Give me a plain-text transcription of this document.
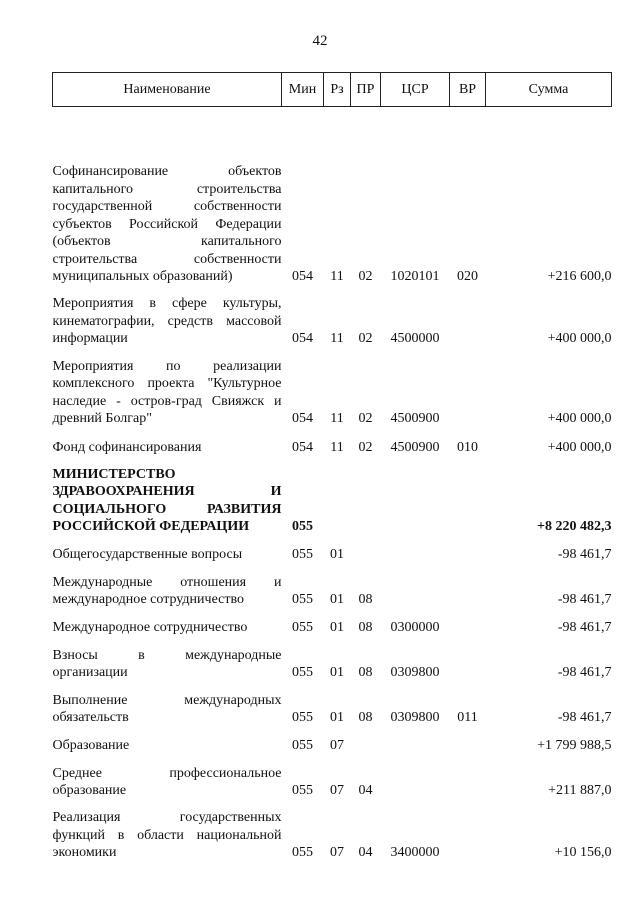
42
Наименование	Мин	Рз	ПР	ЦСР	ВР	Сумма
Софинансирование объектов капитального строительства государственной собственности субъектов Российской Федерации (объектов капитального строительства собственности муниципальных образований)	054	11	02	1020101	020	+216 600,0
Мероприятия в сфере культуры, кинематографии, средств массовой информации	054	11	02	4500000		+400 000,0
Мероприятия по реализации комплексного проекта "Культурное наследие - остров-град Свияжск и древний Болгар"	054	11	02	4500900		+400 000,0
Фонд софинансирования	054	11	02	4500900	010	+400 000,0
МИНИСТЕРСТВО ЗДРАВООХРАНЕНИЯ И СОЦИАЛЬНОГО РАЗВИТИЯ РОССИЙСКОЙ ФЕДЕРАЦИИ	055					+8 220 482,3
Общегосударственные вопросы	055	01				-98 461,7
Международные отношения и международное сотрудничество	055	01	08			-98 461,7
Международное сотрудничество	055	01	08	0300000		-98 461,7
Взносы в международные организации	055	01	08	0309800		-98 461,7
Выполнение международных обязательств	055	01	08	0309800	011	-98 461,7
Образование	055	07				+1 799 988,5
Среднее профессиональное образование	055	07	04			+211 887,0
Реализация государственных функций в области национальной экономики	055	07	04	3400000		+10 156,0
